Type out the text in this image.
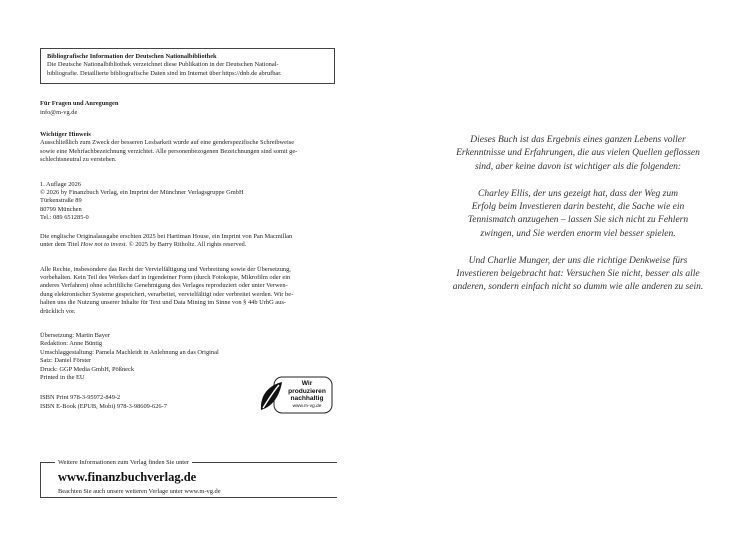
Bibliografische Information der Deutschen Nationalbibliothek
Die Deutsche Nationalbibliothek verzeichnet diese Publikation in der Deutschen National-
bibliografie. Detaillierte bibliografische Daten sind im Internet über https://dnb.de abrufbar.
Für Fragen und Anregungen
info@m-vg.de
Wichtiger Hinweis
Ausschließlich zum Zweck der besseren Lesbarkeit wurde auf eine genderspezifische Schreibweise
sowie eine Mehrfachbezeichnung verzichtet. Alle personenbezogenen Bezeichnungen sind somit ge-
schlechtsneutral zu verstehen.
1. Auflage 2026
© 2026 by Finanzbuch Verlag, ein Imprint der Münchner Verlagsgruppe GmbH
Türkenstraße 89
80799 München
Tel.: 089 651285-0
Die englische Originalausgabe erschien 2025 bei Hartiman House, ein Imprint von Pan Macmillan
unter dem Titel How not to invest. © 2025 by Barry Ritholtz. All rights reserved.
Alle Rechte, insbesondere das Recht der Vervielfältigung und Verbreitung sowie der Übersetzung,
vorbehalten. Kein Teil des Werkes darf in irgendeiner Form (durch Fotokopie, Mikrofilm oder ein
anderes Verfahren) ohne schriftliche Genehmigung des Verlages reproduziert oder unter Verwen-
dung elektronischer Systeme gespeichert, verarbeitet, vervielfältigt oder verbreitet werden. Wir be-
halten uns die Nutzung unserer Inhalte für Text und Data Mining im Sinne von § 44b UrhG aus-
drücklich vor.
Übersetzung: Martin Bayer
Redaktion: Anne Büntig
Umschlaggestaltung: Pamela Machleidt in Anlehnung an das Original
Satz: Daniel Förster
Druck: GGP Media GmbH, Pößneck
Printed in the EU
ISBN Print 978-3-95972-849-2
ISBN E-Book (EPUB, Mobi) 978-3-98609-626-7
Wir produzieren
nachhaltig
www.m-vg.de
Weitere Informationen zum Verlag finden Sie unter
www.finanzbuchverlag.de
Beachten Sie auch unsere weiteren Verlage unter www.m-vg.de

Dieses Buch ist das Ergebnis eines ganzen Lebens voller
Erkenntnisse und Erfahrungen, die aus vielen Quellen geflossen
sind, aber keine davon ist wichtiger als die folgenden:

Charley Ellis, der uns gezeigt hat, dass der Weg zum
Erfolg beim Investieren darin besteht, die Sache wie ein
Tennismatch anzugehen – lassen Sie sich nicht zu Fehlern
zwingen, und Sie werden enorm viel besser spielen.

Und Charlie Munger, der uns die richtige Denkweise fürs
Investieren beigebracht hat: Versuchen Sie nicht, besser als alle
anderen, sondern einfach nicht so dumm wie alle anderen zu sein.
